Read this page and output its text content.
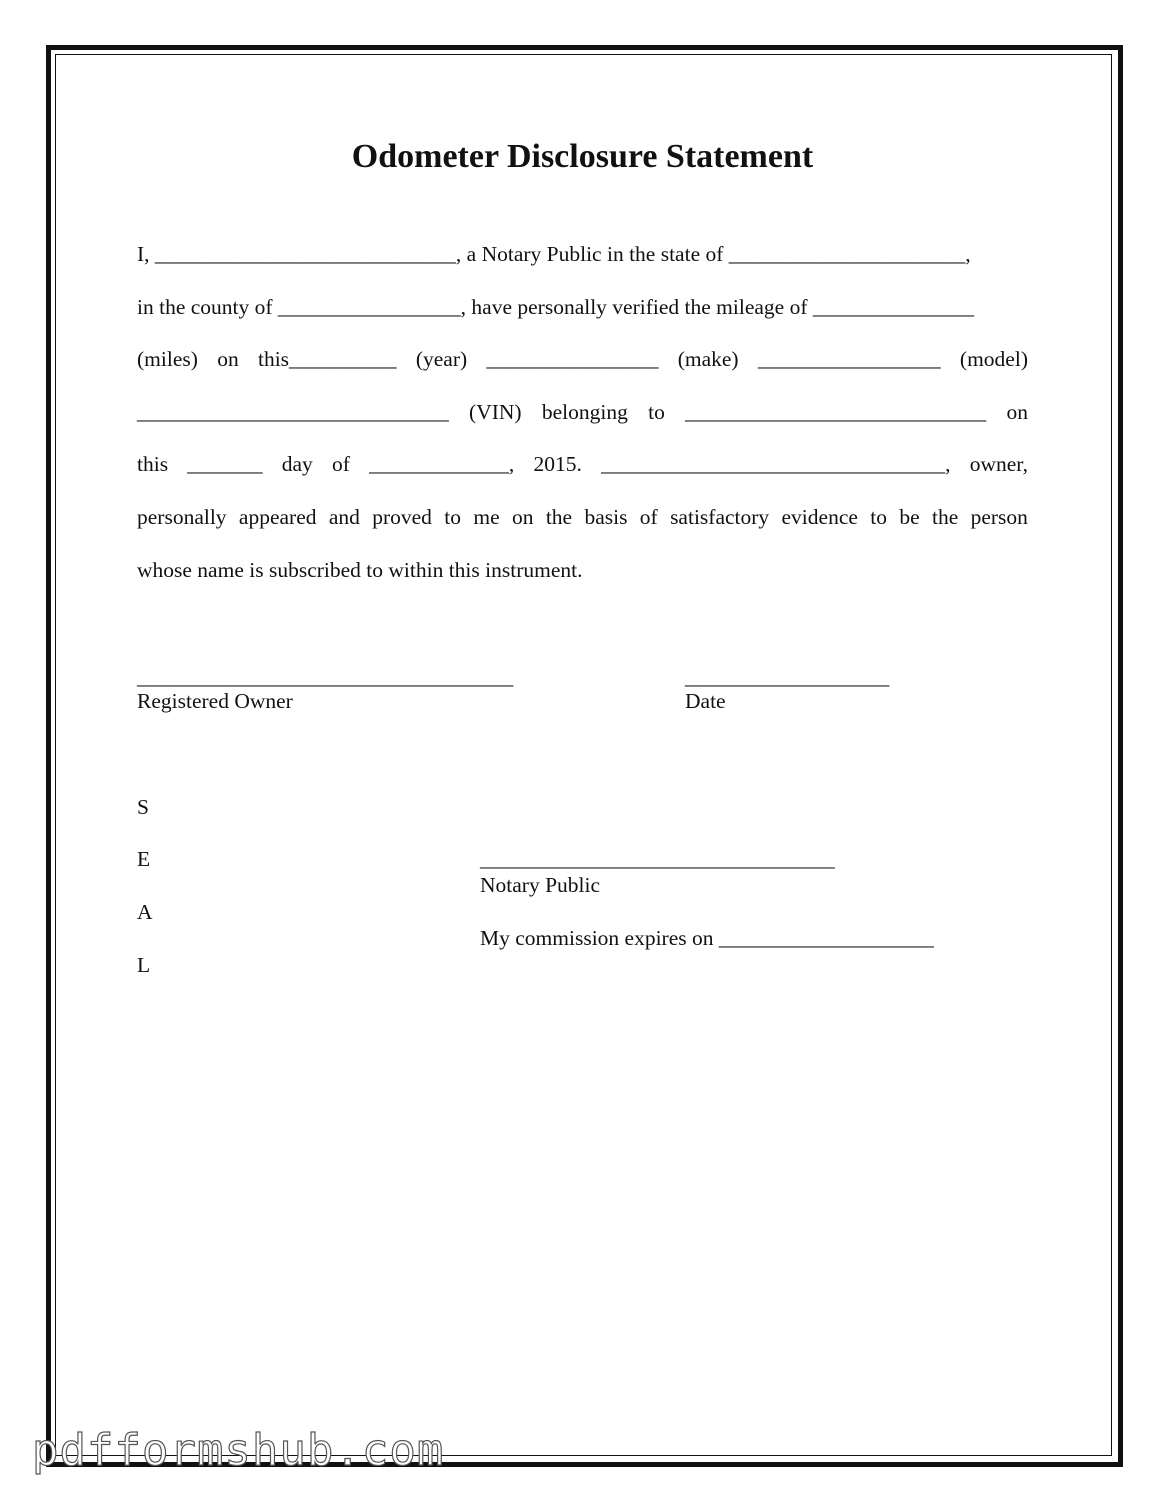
Odometer Disclosure Statement
I, ____________________________, a Notary Public in the state of ______________________,
in the county of _________________, have personally verified the mileage of _______________
(miles) on this__________ (year) ________________ (make) _________________ (model)
_____________________________ (VIN) belonging to ____________________________ on
this _______ day of _____________, 2015. ________________________________, owner,
personally appeared and proved to me on the basis of satisfactory evidence to be the person
whose name is subscribed to within this instrument.
___________________________________
Registered Owner
___________________
Date
S
E
A
L
_________________________________
Notary Public
My commission expires on ____________________
pdfformshub.com
